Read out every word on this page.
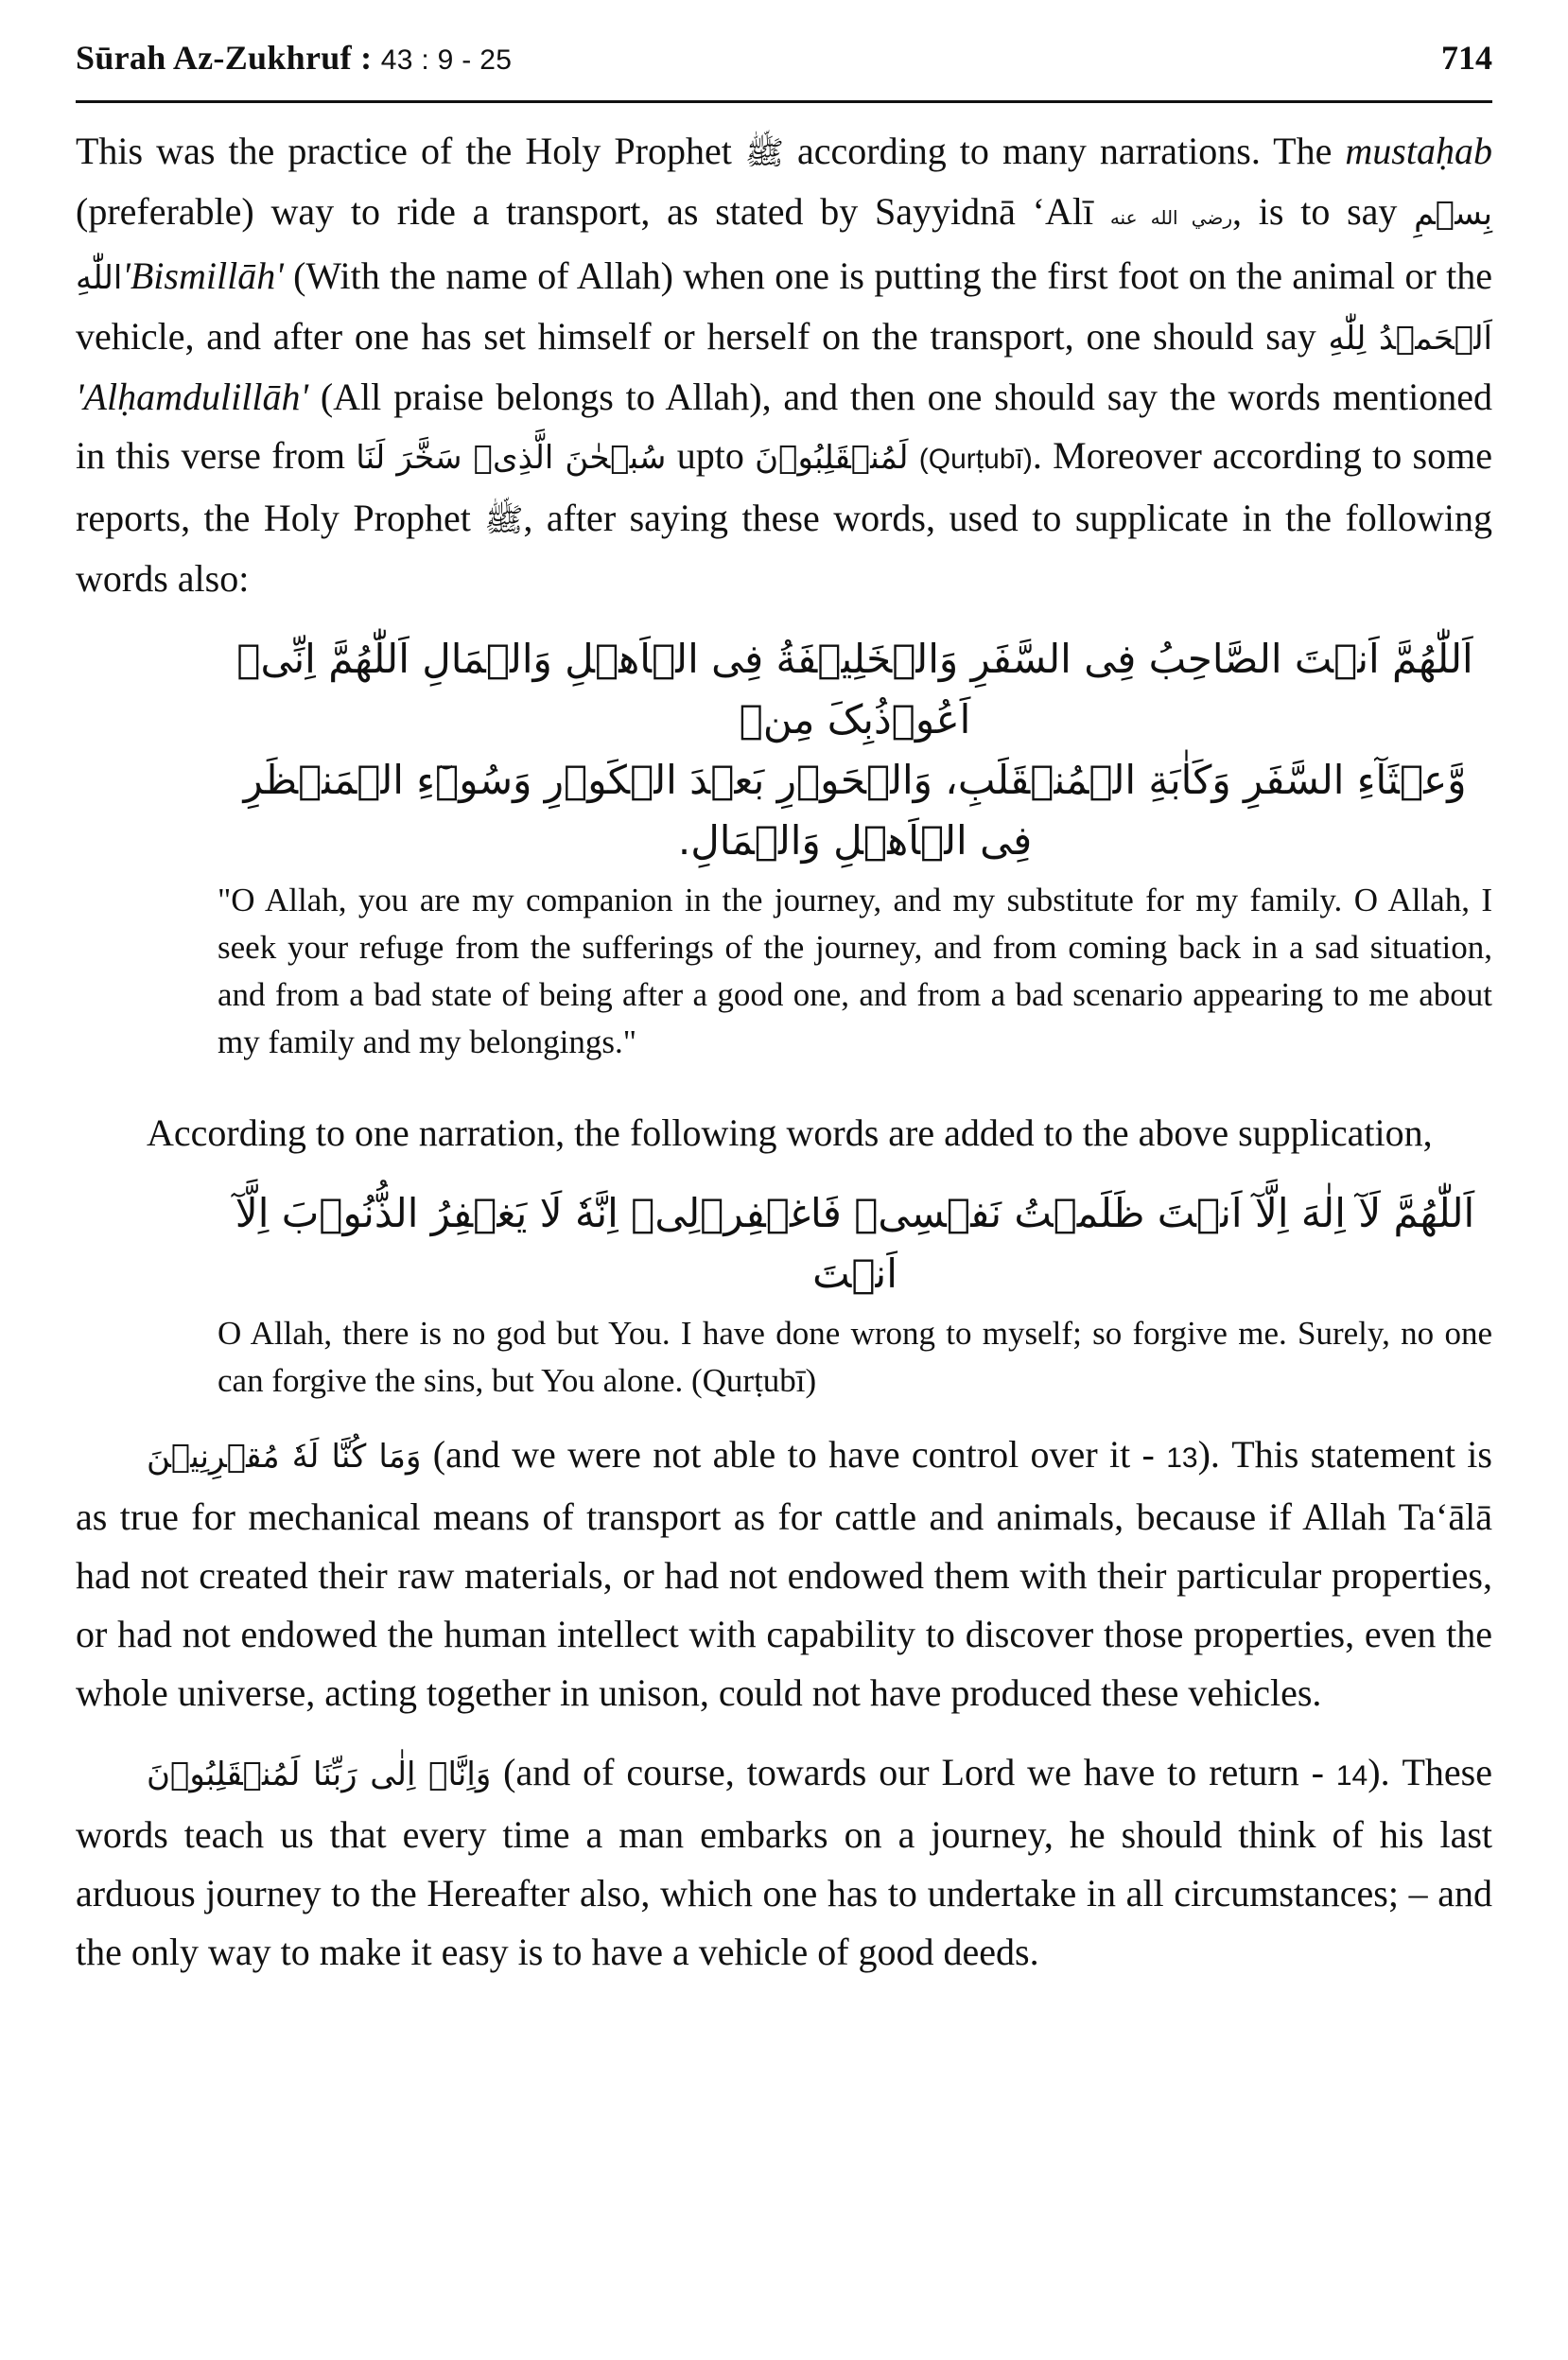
Sūrah Az-Zukhruf : 43 : 9 - 25	714

This was the practice of the Holy Prophet ﷺ according to many narrations. The mustaḥab (preferable) way to ride a transport, as stated by Sayyidnā ‘Alī رضي الله عنه, is to say بِسۡمِ اللّٰهِ'Bismillāh' (With the name of Allah) when one is putting the first foot on the animal or the vehicle, and after one has set himself or herself on the transport, one should say اَلۡحَمۡدُ لِلّٰهِ 'Alḥamdulillāh' (All praise belongs to Allah), and then one should say the words mentioned in this verse from سُبۡحٰنَ الَّذِیۡ سَخَّرَ لَنَا upto لَمُنۡقَلِبُوۡنَ (Qurṭubī). Moreover according to some reports, the Holy Prophet ﷺ, after saying these words, used to supplicate in the following words also:

اَللّٰهُمَّ اَنۡتَ الصَّاحِبُ فِی السَّفَرِ وَالۡخَلِیۡفَةُ فِی الۡاَهۡلِ وَالۡمَالِ اَللّٰهُمَّ اِنِّیۡ اَعُوۡذُبِکَ مِنۡ

وَّعۡثَآءِ السَّفَرِ وَکَاٰبَةِ الۡمُنۡقَلَبِ، وَالۡحَوۡرِ بَعۡدَ الۡکَوۡرِ وَسُوۡٓءِ الۡمَنۡظَرِ فِی الۡاَهۡلِ وَالۡمَالِ.

"O Allah, you are my companion in the journey, and my substitute for my family. O Allah, I seek your refuge from the sufferings of the journey, and from coming back in a sad situation, and from a bad state of being after a good one, and from a bad scenario appearing to me about my family and my belongings."

According to one narration, the following words are added to the above supplication,

اَللّٰهُمَّ لَآ اِلٰهَ اِلَّآ اَنۡتَ ظَلَمۡتُ نَفۡسِیۡ فَاغۡفِرۡلِیۡ اِنَّهٗ لَا یَغۡفِرُ الذُّنُوۡبَ اِلَّآ اَنۡتَ

O Allah, there is no god but You. I have done wrong to myself; so forgive me. Surely, no one can forgive the sins, but You alone. (Qurṭubī)

وَمَا كُنَّا لَهٗ مُقۡرِنِیۡنَ (and we were not able to have control over it - 13). This statement is as true for mechanical means of transport as for cattle and animals, because if Allah Ta‘ālā had not created their raw materials, or had not endowed them with their particular properties, or had not endowed the human intellect with capability to discover those properties, even the whole universe, acting together in unison, could not have produced these vehicles.

وَاِنَّاۤ اِلٰى رَبِّنَا لَمُنۡقَلِبُوۡنَ (and of course, towards our Lord we have to return - 14). These words teach us that every time a man embarks on a journey, he should think of his last arduous journey to the Hereafter also, which one has to undertake in all circumstances; – and the only way to make it easy is to have a vehicle of good deeds.
